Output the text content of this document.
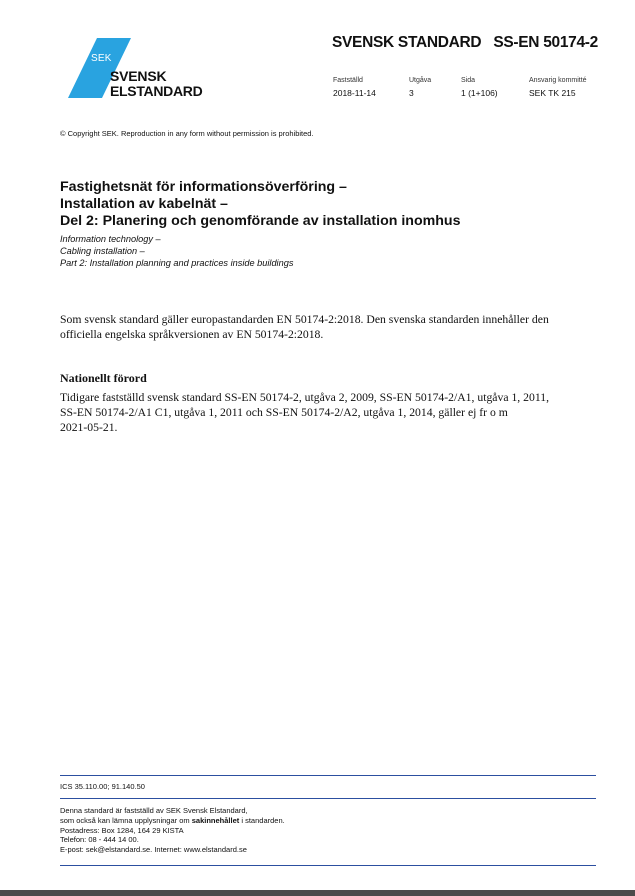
SEK
SVENSK
ELSTANDARD
SVENSK STANDARD SS-EN 50174-2
Fastställd
2018-11-14
Utgåva
3
Sida
1 (1+106)
Ansvarig kommitté
SEK TK 215
© Copyright SEK. Reproduction in any form without permission is prohibited.
Fastighetsnät för informationsöverföring –
Installation av kabelnät –
Del 2: Planering och genomförande av installation inomhus
Information technology –
Cabling installation –
Part 2: Installation planning and practices inside buildings
Som svensk standard gäller europastandarden EN 50174-2:2018. Den svenska standarden innehåller den
officiella engelska språkversionen av EN 50174-2:2018.
Nationellt förord
Tidigare fastställd svensk standard SS-EN 50174-2, utgåva 2, 2009, SS-EN 50174-2/A1, utgåva 1, 2011,
SS-EN 50174-2/A1 C1, utgåva 1, 2011 och SS-EN 50174-2/A2, utgåva 1, 2014, gäller ej fr o m
2021-05-21.
ICS 35.110.00; 91.140.50
Denna standard är fastställd av SEK Svensk Elstandard,
som också kan lämna upplysningar om sakinnehållet i standarden.
Postadress: Box 1284, 164 29 KISTA
Telefon: 08 - 444 14 00.
E-post: sek@elstandard.se. Internet: www.elstandard.se
